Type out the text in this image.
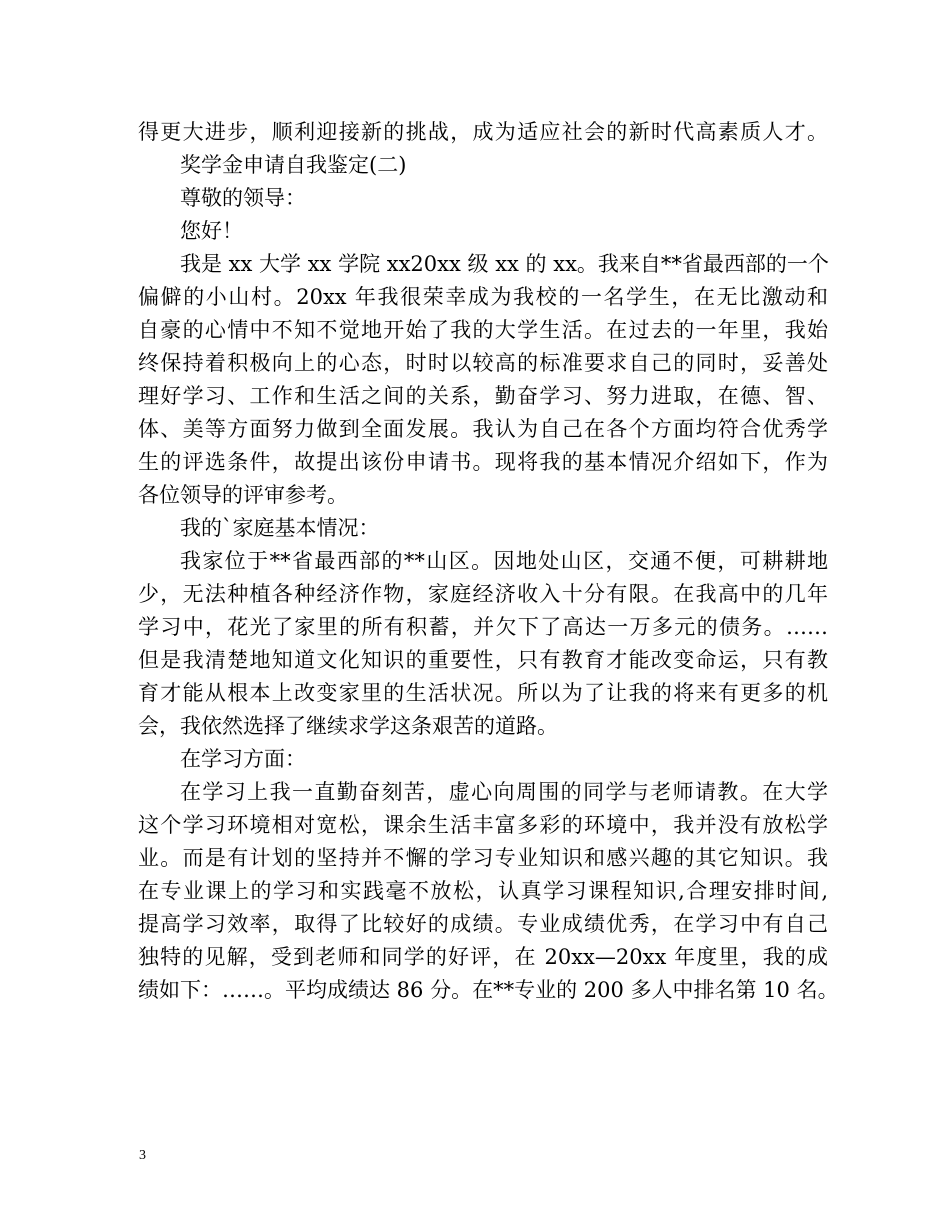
得更大进步，顺利迎接新的挑战，成为适应社会的新时代高素质人才。
奖学金申请自我鉴定(二)
尊敬的领导：
您好！
我是 xx 大学 xx 学院 xx20xx 级 xx 的 xx。我来自**省最西部的一个
偏僻的小山村。20xx 年我很荣幸成为我校的一名学生，在无比激动和
自豪的心情中不知不觉地开始了我的大学生活。在过去的一年里，我始
终保持着积极向上的心态，时时以较高的标准要求自己的同时，妥善处
理好学习、工作和生活之间的关系，勤奋学习、努力进取，在德、智、
体、美等方面努力做到全面发展。我认为自己在各个方面均符合优秀学
生的评选条件，故提出该份申请书。现将我的基本情况介绍如下，作为
各位领导的评审参考。
我的`家庭基本情况：
我家位于**省最西部的**山区。因地处山区，交通不便，可耕耕地
少，无法种植各种经济作物，家庭经济收入十分有限。在我高中的几年
学习中，花光了家里的所有积蓄，并欠下了高达一万多元的债务。……
但是我清楚地知道文化知识的重要性，只有教育才能改变命运，只有教
育才能从根本上改变家里的生活状况。所以为了让我的将来有更多的机
会，我依然选择了继续求学这条艰苦的道路。
在学习方面：
在学习上我一直勤奋刻苦，虚心向周围的同学与老师请教。在大学
这个学习环境相对宽松，课余生活丰富多彩的环境中，我并没有放松学
业。而是有计划的坚持并不懈的学习专业知识和感兴趣的其它知识。我
在专业课上的学习和实践毫不放松，认真学习课程知识,合理安排时间,
提高学习效率，取得了比较好的成绩。专业成绩优秀，在学习中有自己
独特的见解，受到老师和同学的好评，在 20xx—20xx 年度里，我的成
绩如下：……。平均成绩达 86 分。在**专业的 200 多人中排名第 10 名。
3
